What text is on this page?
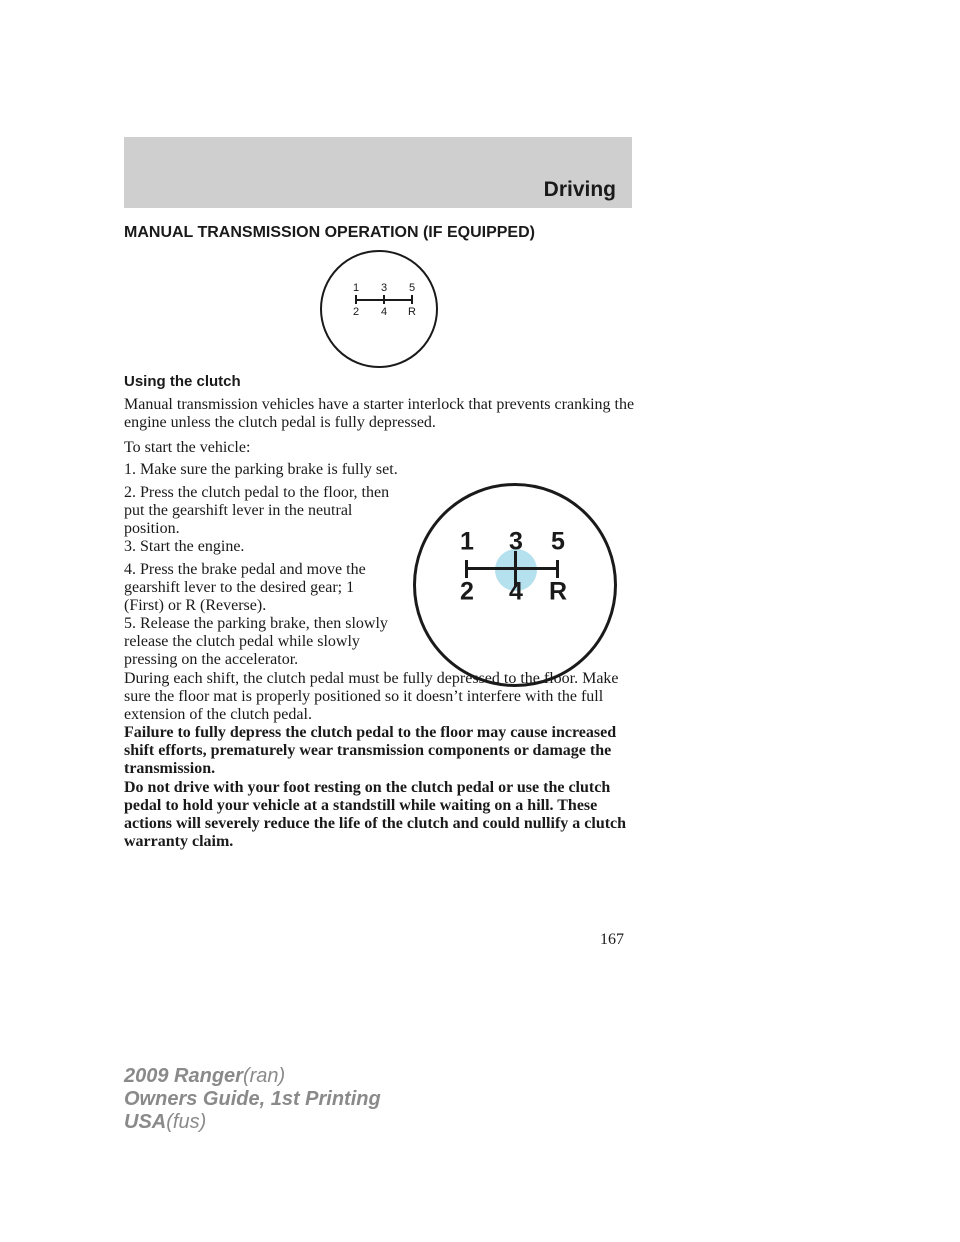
Driving
MANUAL TRANSMISSION OPERATION (IF EQUIPPED)
1 3 5
2 4 R
Using the clutch

Manual transmission vehicles have a starter interlock that prevents cranking the engine unless the clutch pedal is fully depressed.

To start the vehicle:

1. Make sure the parking brake is fully set.

2. Press the clutch pedal to the floor, then put the gearshift lever in the neutral position.

3. Start the engine.

4. Press the brake pedal and move the gearshift lever to the desired gear; 1 (First) or R (Reverse).

5. Release the parking brake, then slowly release the clutch pedal while slowly pressing on the accelerator.

1 3 5
2 4 R

During each shift, the clutch pedal must be fully depressed to the floor. Make sure the floor mat is properly positioned so it doesn’t interfere with the full extension of the clutch pedal.

Failure to fully depress the clutch pedal to the floor may cause increased shift efforts, prematurely wear transmission components or damage the transmission.

Do not drive with your foot resting on the clutch pedal or use the clutch pedal to hold your vehicle at a standstill while waiting on a hill. These actions will severely reduce the life of the clutch and could nullify a clutch warranty claim.

167
2009 Ranger(ran)
Owners Guide, 1st Printing
USA(fus)
